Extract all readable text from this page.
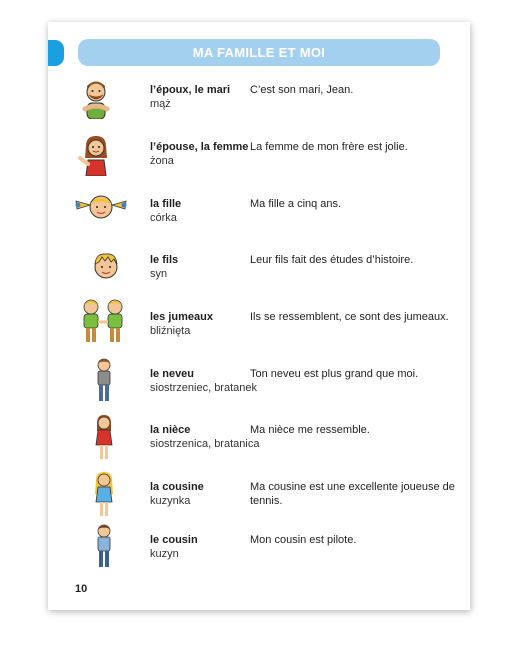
MA FAMILLE ET MOI
l’époux, le mari
mąż
C’est son mari, Jean.
l’épouse, la femme
żona
La femme de mon frère est jolie.
la fille
córka
Ma fille a cinq ans.
le fils
syn
Leur fils fait des études d’histoire.
les jumeaux
bliźnięta
Ils se ressemblent, ce sont des jumeaux.
le neveu
siostrzeniec, bratanek
Ton neveu est plus grand que moi.
la nièce
siostrzenica, bratanica
Ma nièce me ressemble.
la cousine
kuzynka
Ma cousine est une excellente joueuse de tennis.
le cousin
kuzyn
Mon cousin est pilote.
10
